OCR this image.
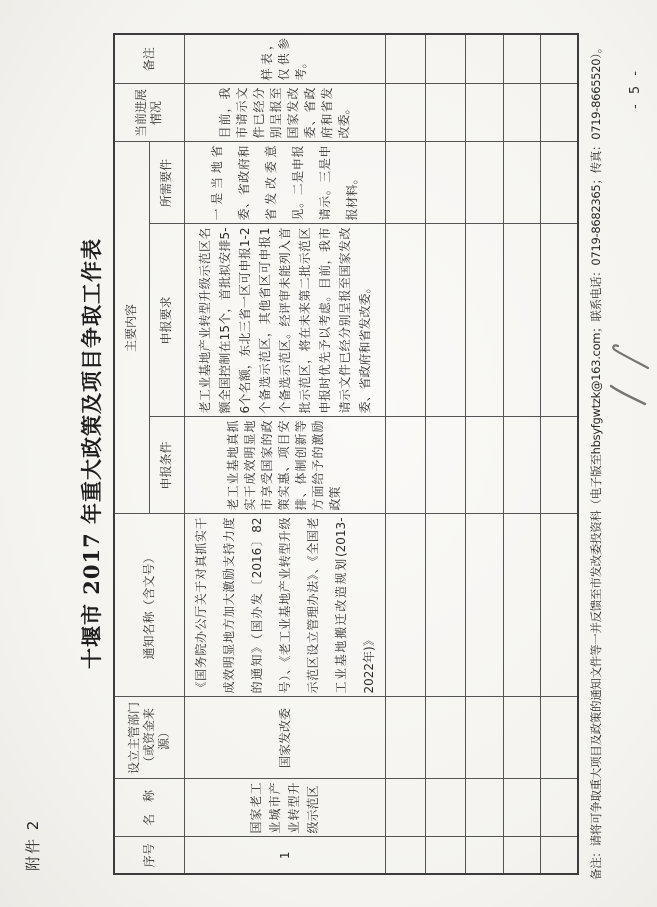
附件 2
十堰市 2017 年重大政策及项目争取工作表
序号	名　称	设立主管部门（或资金来源）	通知名称（含文号）	主要内容			当前进展情况	备注
				申报条件	申报要求	所需要件		
1	国家老工业城市产业转型升级示范区	国家发改委	《国务院办公厅关于对真抓实干成效明显地方加大激励支持力度的通知》（国办发〔2016〕82号）、《老工业基地产业转型升级示范区设立管理办法》、《全国老工业基地搬迁改造规划(2013-2022年)》	老工业基地真抓实干成效明显地市享受国家的政策实惠、项目安排、体制创新等方面给予的激励政策	老工业基地产业转型升级示范区名额全国控制在15个，首批拟安排5-6个名额，东北三省一区可申报1-2个备选示范区，其他省区可申报1个备选示范区。经评审未能列入首批示范区，将在未来第二批示范区申报时优先予以考虑。目前，我市请示文件已经分别呈报至国家发改委、省政府和省发改委。	一是当地省委、省政府和省发改委意见。二是申报请示。三是申报材料。	目前，我市请示文件已经分别呈报至国家发改委、省政府和省发改委。	样表，仅供参考。

									备注：请将可争取重大项目及政策的通知文件等一并反馈至市发改委投资科（电子版至hbsyfgwtzk@163.com；联系电话：0719-8682365；传真：0719-8665520）。 - 5 -
